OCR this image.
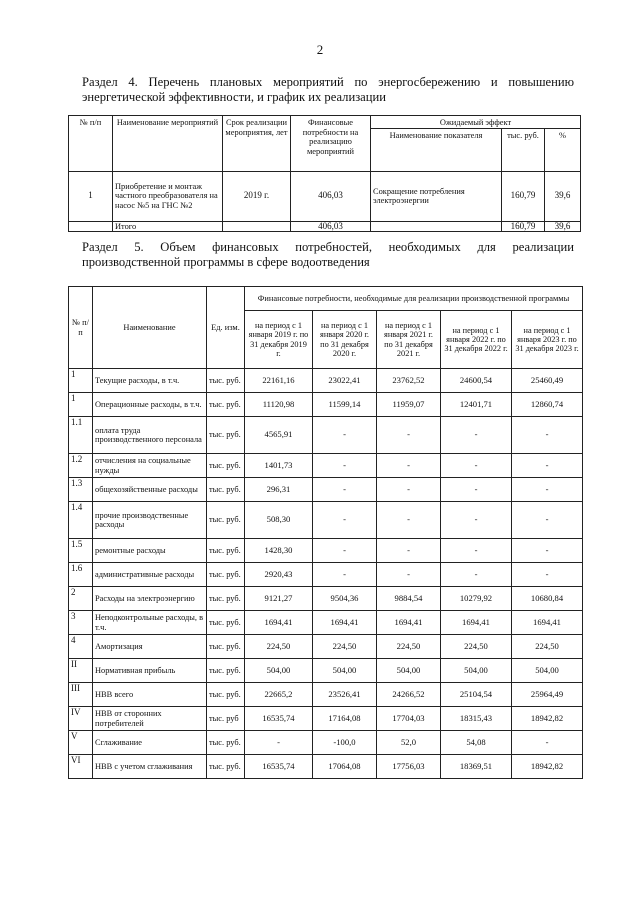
2
Раздел 4. Перечень плановых мероприятий по энергосбережению и повышению энергетической эффективности, и график их реализации
№ п/п	Наименование мероприятий	Срок реализации мероприятия, лет	Финансовые потребности на реализацию мероприятий	Ожидаемый эффект		
				Наименование показателя	тыс. руб.	%
1	Приобретение и монтаж частного преобразователя на насос №5 на ГНС №2	2019 г.	406,03	Сокращение потребления электроэнергии	160,79	39,6
	Итого		406,03		160,79	39,6
Раздел 5. Объем финансовых потребностей, необходимых для реализации производственной программы в сфере водоотведения
№ п/п	Наименование	Ед. изм.	Финансовые потребности, необходимые для реализации производственной программы				
			на период с 1 января 2019 г. по 31 декабря 2019 г.	на период с 1 января 2020 г. по 31 декабря 2020 г.	на период с 1 января 2021 г. по 31 декабря 2021 г.	на период с 1 января 2022 г. по 31 декабря 2022 г.	на период с 1 января 2023 г. по 31 декабря 2023 г.
1	Текущие расходы, в т.ч.	тыс. руб.	22161,16	23022,41	23762,52	24600,54	25460,49
1	Операционные расходы, в т.ч.	тыс. руб.	11120,98	11599,14	11959,07	12401,71	12860,74
1.1	оплата труда производственного персонала	тыс. руб.	4565,91	-	-	-	-
1.2	отчисления на социальные нужды	тыс. руб.	1401,73	-	-	-	-
1.3	общехозяйственные расходы	тыс. руб.	296,31	-	-	-	-
1.4	прочие производственные расходы	тыс. руб.	508,30	-	-	-	-
1.5	ремонтные расходы	тыс. руб.	1428,30	-	-	-	-
1.6	административные расходы	тыс. руб.	2920,43	-	-	-	-
2	Расходы на электроэнергию	тыс. руб.	9121,27	9504,36	9884,54	10279,92	10680,84
3	Неподконтрольные расходы, в т.ч.	тыс. руб.	1694,41	1694,41	1694,41	1694,41	1694,41
4	Амортизация	тыс. руб.	224,50	224,50	224,50	224,50	224,50
II	Нормативная прибыль	тыс. руб.	504,00	504,00	504,00	504,00	504,00
III	НВВ всего	тыс. руб.	22665,2	23526,41	24266,52	25104,54	25964,49
IV	НВВ от сторонних потребителей	тыс. руб	16535,74	17164,08	17704,03	18315,43	18942,82
V	Сглаживание	тыс. руб.	-	-100,0	52,0	54,08	-
VI	НВВ с учетом сглаживания	тыс. руб.	16535,74	17064,08	17756,03	18369,51	18942,82
